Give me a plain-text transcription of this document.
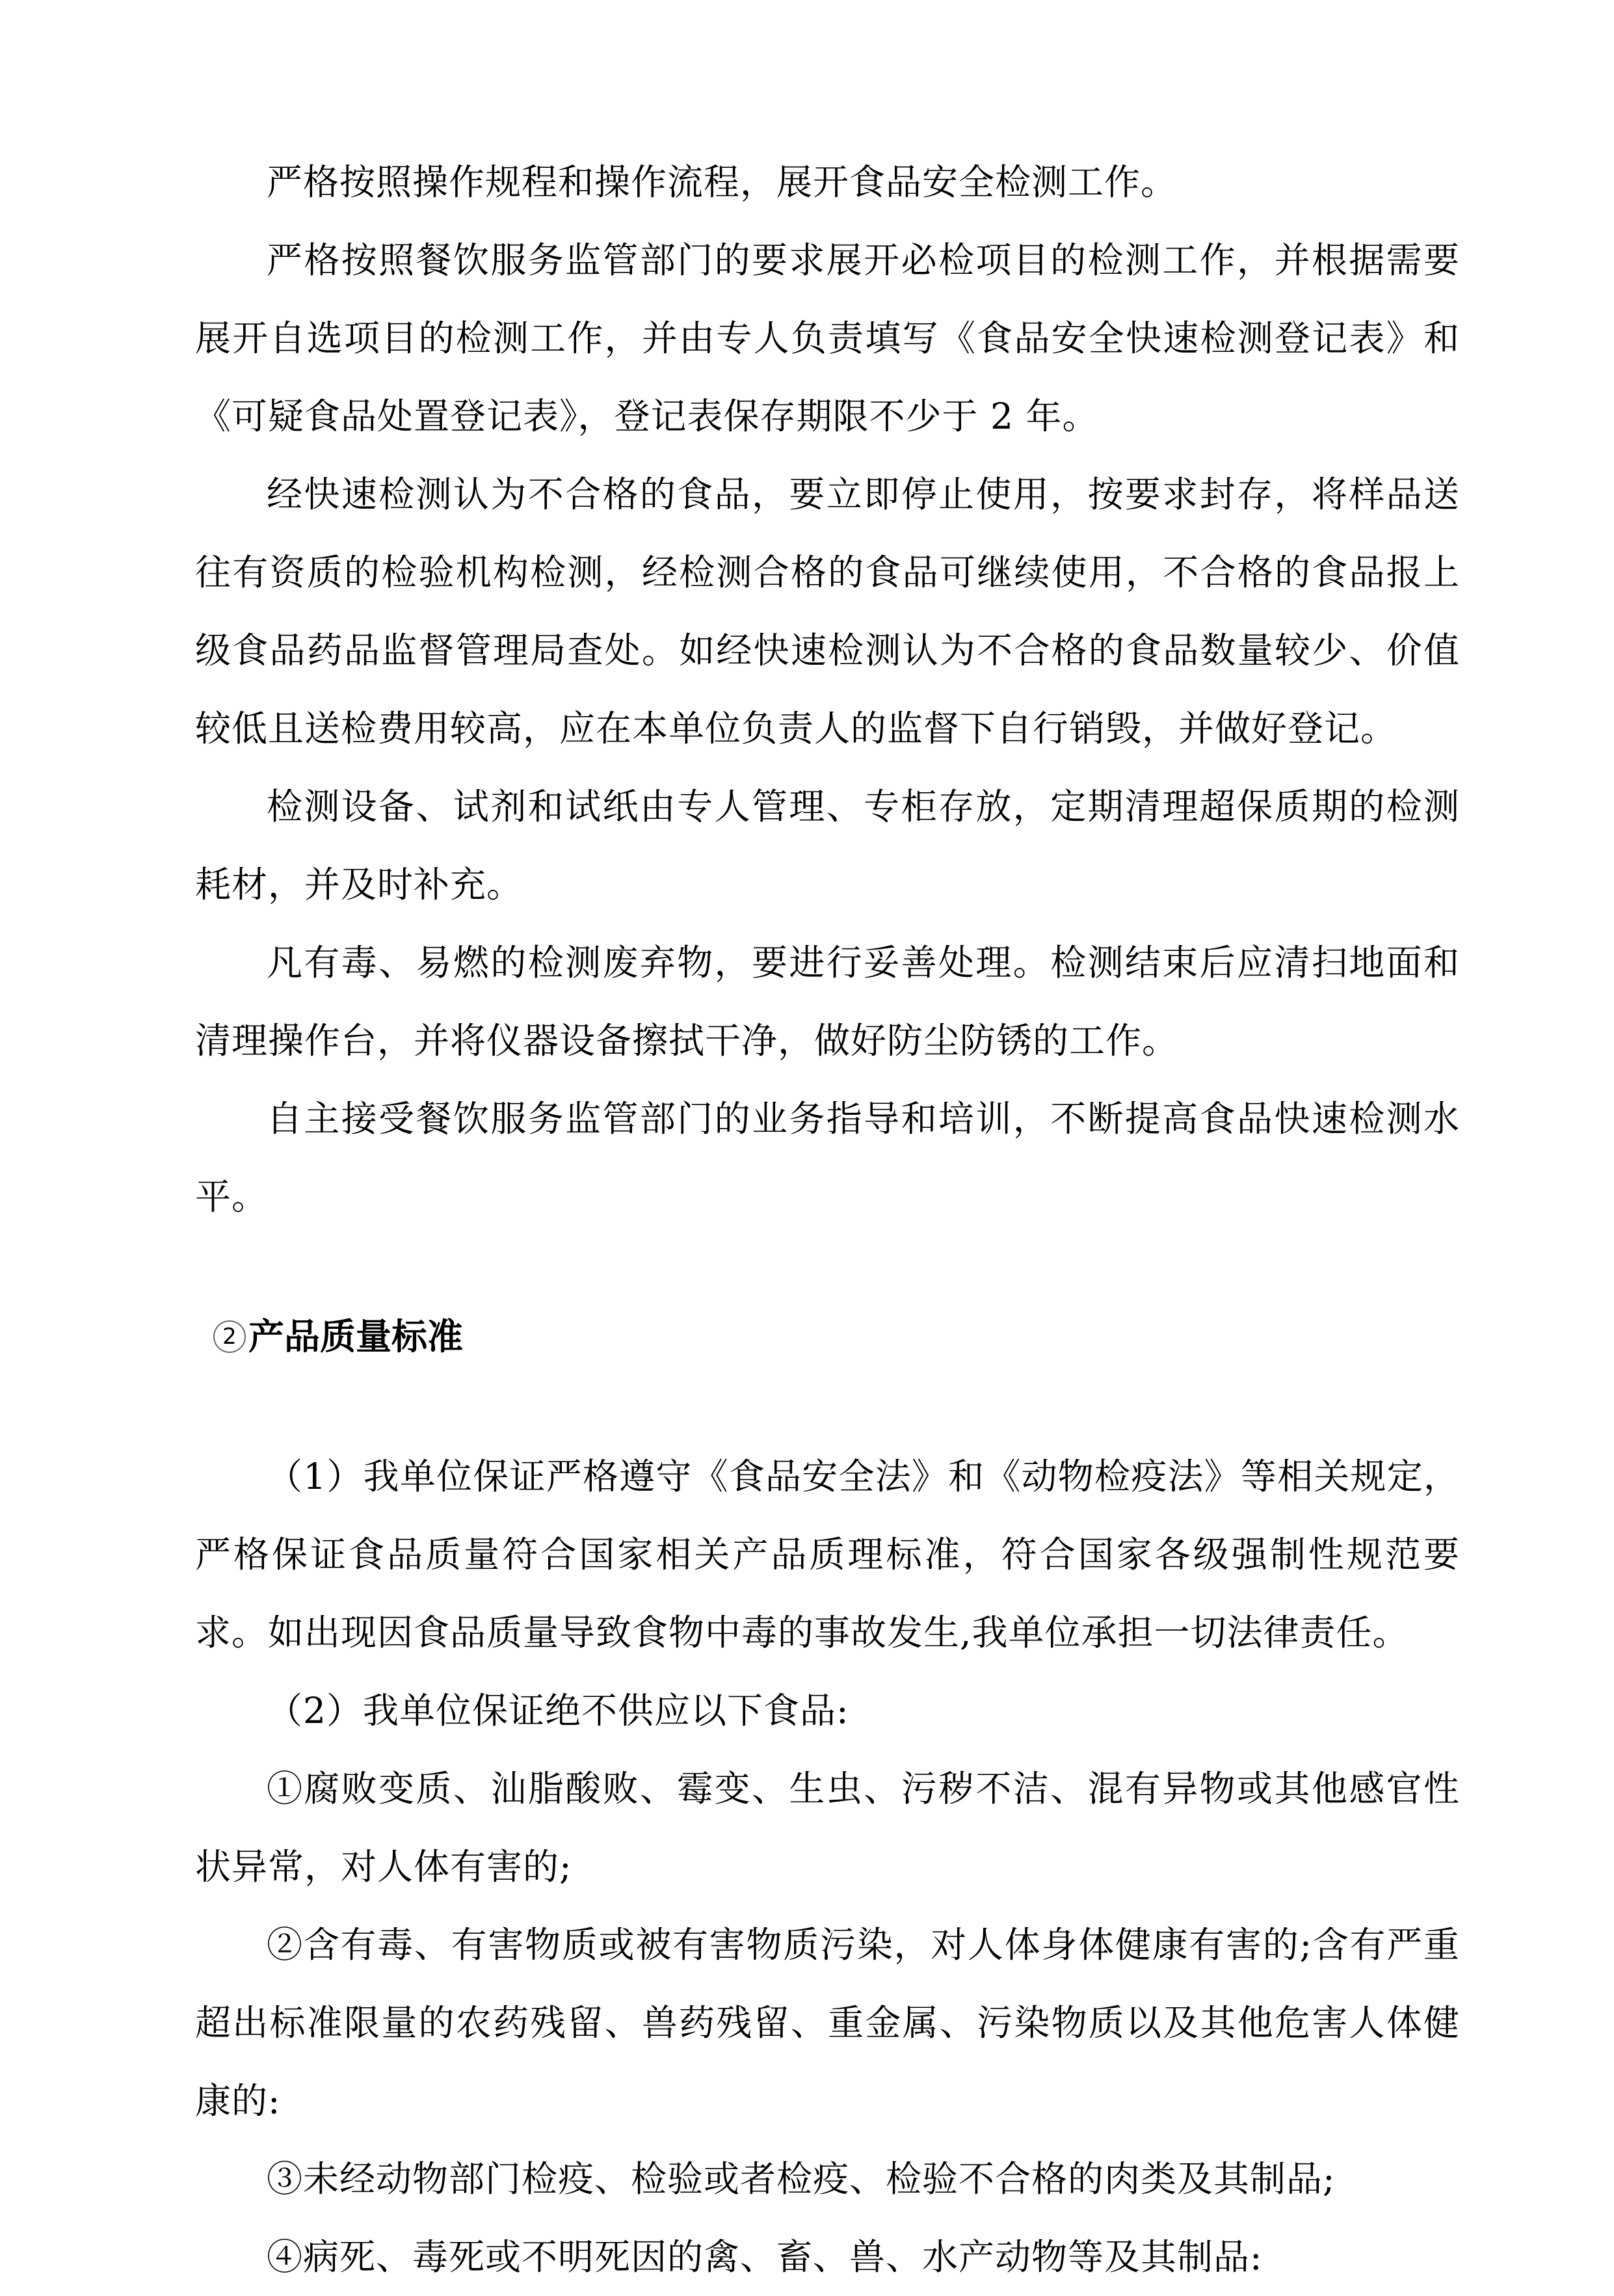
严格按照操作规程和操作流程，展开食品安全检测工作。

严格按照餐饮服务监管部门的要求展开必检项目的检测工作，并根据需要展开自选项目的检测工作，并由专人负责填写《食品安全快速检测登记表》和《可疑食品处置登记表》，登记表保存期限不少于 2 年。

经快速检测认为不合格的食品，要立即停止使用，按要求封存，将样品送往有资质的检验机构检测，经检测合格的食品可继续使用，不合格的食品报上级食品药品监督管理局查处。如经快速检测认为不合格的食品数量较少、价值较低且送检费用较高，应在本单位负责人的监督下自行销毁，并做好登记。

检测设备、试剂和试纸由专人管理、专柜存放，定期清理超保质期的检测耗材，并及时补充。

凡有毒、易燃的检测废弃物，要进行妥善处理。检测结束后应清扫地面和清理操作台，并将仪器设备擦拭干净，做好防尘防锈的工作。

自主接受餐饮服务监管部门的业务指导和培训，不断提高食品快速检测水平。

2 产品质量标准

（1）我单位保证严格遵守《食品安全法》和《动物检疫法》等相关规定，严格保证食品质量符合国家相关产品质理标准，符合国家各级强制性规范要求。如出现因食品质量导致食物中毒的事故发生,我单位承担一切法律责任。

（2）我单位保证绝不供应以下食品:

①腐败变质、汕脂酸败、霉变、生虫、污秽不洁、混有异物或其他感官性状异常，对人体有害的;

②含有毒、有害物质或被有害物质污染，对人体身体健康有害的;含有严重超出标准限量的农药残留、兽药残留、重金属、污染物质以及其他危害人体健康的:

③未经动物部门检疫、检验或者检疫、检验不合格的肉类及其制品;

④病死、毒死或不明死因的禽、畜、兽、水产动物等及其制品:
